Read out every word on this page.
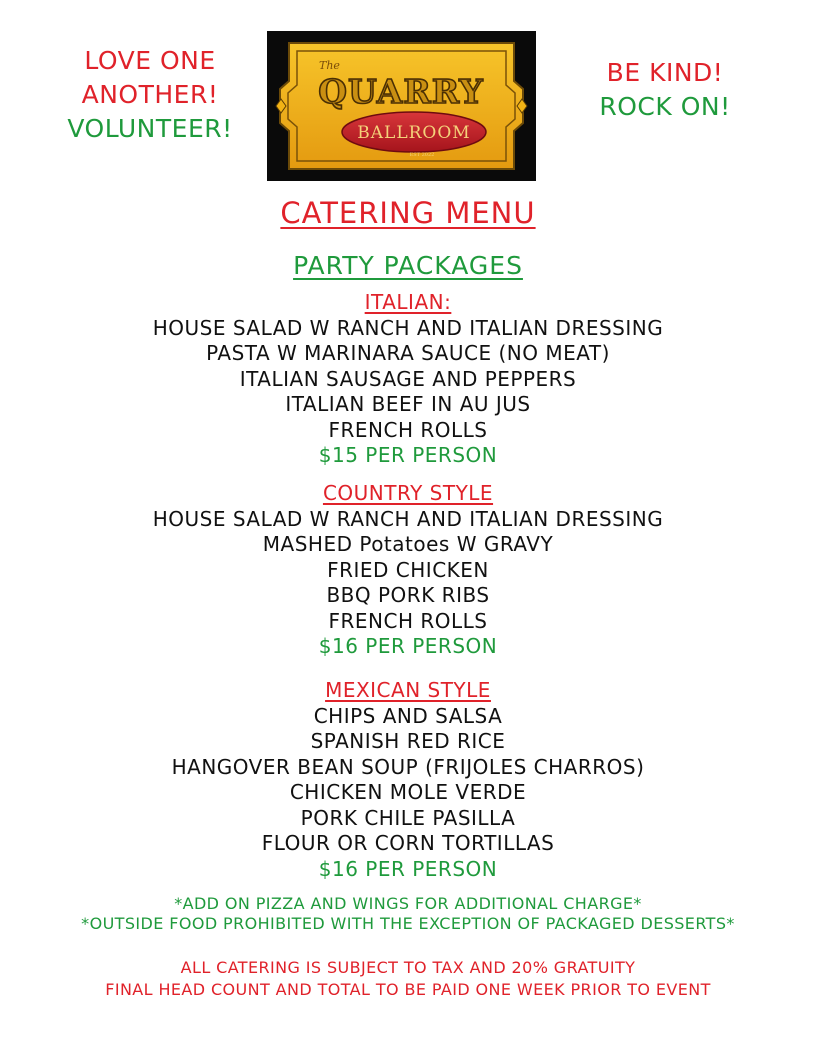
LOVE ONE
ANOTHER!
VOLUNTEER!
BE KIND!
ROCK ON!
The
QUARRY
BALLROOM
EST 2022
CATERING MENU
PARTY PACKAGES
ITALIAN:
HOUSE SALAD W RANCH AND ITALIAN DRESSING
PASTA W MARINARA SAUCE (NO MEAT)
ITALIAN SAUSAGE AND PEPPERS
ITALIAN BEEF IN AU JUS
FRENCH ROLLS
$15 PER PERSON
COUNTRY STYLE
HOUSE SALAD W RANCH AND ITALIAN DRESSING
MASHED Potatoes W GRAVY
FRIED CHICKEN
BBQ PORK RIBS
FRENCH ROLLS
$16 PER PERSON
MEXICAN STYLE
CHIPS AND SALSA
SPANISH RED RICE
HANGOVER BEAN SOUP (FRIJOLES CHARROS)
CHICKEN MOLE VERDE
PORK CHILE PASILLA
FLOUR OR CORN TORTILLAS
$16 PER PERSON
*ADD ON PIZZA AND WINGS FOR ADDITIONAL CHARGE*
*OUTSIDE FOOD PROHIBITED WITH THE EXCEPTION OF PACKAGED DESSERTS*
ALL CATERING IS SUBJECT TO TAX AND 20% GRATUITY
FINAL HEAD COUNT AND TOTAL TO BE PAID ONE WEEK PRIOR TO EVENT
